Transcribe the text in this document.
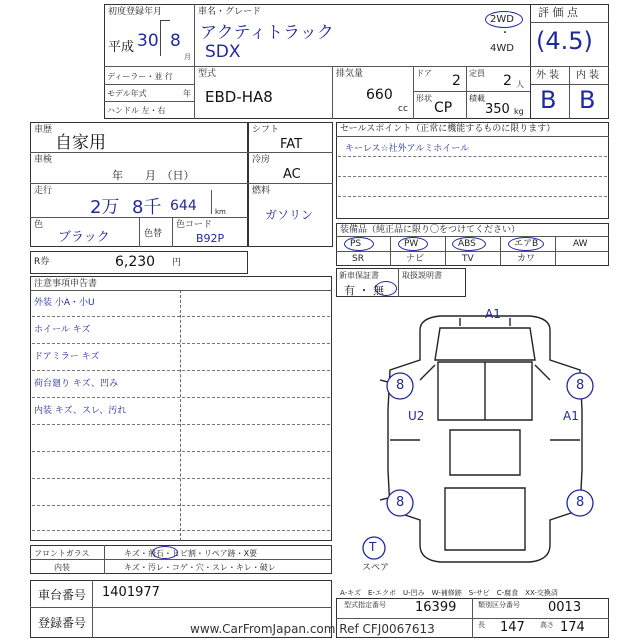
初度登録年月
平成 30 8
月
車名・グレード
アクティトラック
SDX
2WD
・
4WD
評 価 点
(4.5)
外 装 内 装
B B
ディーラー・並 行
モデル年式	年
ハンドル 左・右
型式
EBD-HA8
排気量
660
cc
ドア 2 定員 2 人
形状
CP
積載
350 kg
車歴
自家用
車検
年　　月　（日）
走行
2万 8千 644	km
色
ブラック	色替
色コード
B92P
R券	6,230 円
シフト
FAT
冷房
AC
燃料
ガソリン
セールスポイント（正常に機能するものに限ります）
キーレス☆社外アルミホイール
装備品（純正品に限り〇をつけてください）
PS	PW	ABS	エアB	AW
SR	ナビ	TV	カワ
新車保証書
有 ・ 無
取扱説明書
注意事項申告書
外装 小A・小U
ホイール キズ
ドアミラー キズ
荷台廻り キズ、凹み
内装 キズ、スレ、汚れ
A1
8	8
U2	A1
8	8
T
スペア
フロントガラス	キズ・飛石・ヒビ割・リペア跡・X要
内装	キズ・汚レ・コゲ・穴・スレ・キレ・破レ
A-キズ　E-エクボ　U-凹み　W-補修跡　S-サビ　C-腐食　XX-交換済
車台番号 1401977
登録番号
型式指定番号 16399	類別区分番号 0013
長 147 高さ 174
www.CarFromJapan.com Ref CFJ0067613
